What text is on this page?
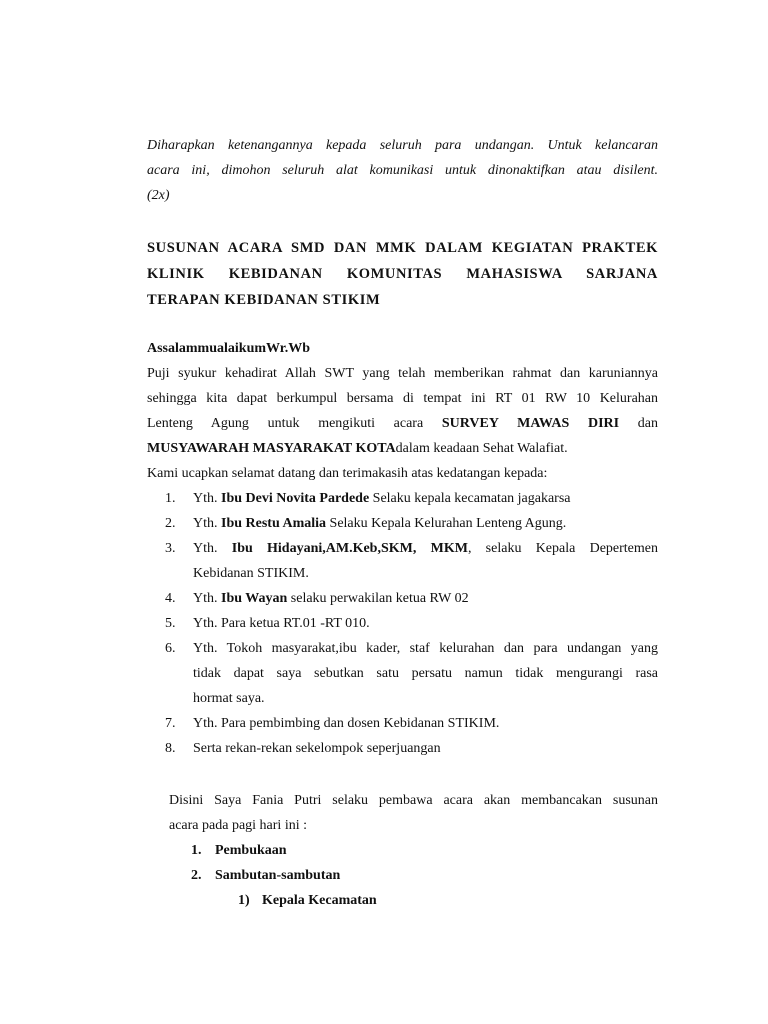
Diharapkan ketenangannya kepada seluruh para undangan. Untuk kelancaran
acara ini, dimohon seluruh alat komunikasi untuk dinonaktifkan atau disilent.
(2x)
SUSUNAN ACARA SMD DAN MMK DALAM KEGIATAN PRAKTEK
KLINIK KEBIDANAN KOMUNITAS MAHASISWA SARJANA
TERAPAN KEBIDANAN STIKIM
AssalammualaikumWr.Wb
Puji syukur kehadirat Allah SWT yang telah memberikan rahmat dan karuniannya
sehingga kita dapat berkumpul bersama di tempat ini RT 01 RW 10 Kelurahan
Lenteng Agung untuk mengikuti acara SURVEY MAWAS DIRI dan
MUSYAWARAH MASYARAKAT KOTAdalam keadaan Sehat Walafiat.
Kami ucapkan selamat datang dan terimakasih atas kedatangan kepada:
1. Yth. Ibu Devi Novita Pardede Selaku kepala kecamatan jagakarsa
2. Yth. Ibu Restu Amalia Selaku Kepala Kelurahan Lenteng Agung.
3. Yth. Ibu Hidayani,AM.Keb,SKM, MKM, selaku Kepala Depertemen
Kebidanan STIKIM.
4. Yth. Ibu Wayan selaku perwakilan ketua RW 02
5. Yth. Para ketua RT.01 -RT 010.
6. Yth. Tokoh masyarakat,ibu kader, staf kelurahan dan para undangan yang
tidak dapat saya sebutkan satu persatu namun tidak mengurangi rasa
hormat saya.
7. Yth. Para pembimbing dan dosen Kebidanan STIKIM.
8. Serta rekan-rekan sekelompok seperjuangan
Disini Saya Fania Putri selaku pembawa acara akan membancakan susunan
acara pada pagi hari ini :
1. Pembukaan
2. Sambutan-sambutan
1) Kepala Kecamatan
